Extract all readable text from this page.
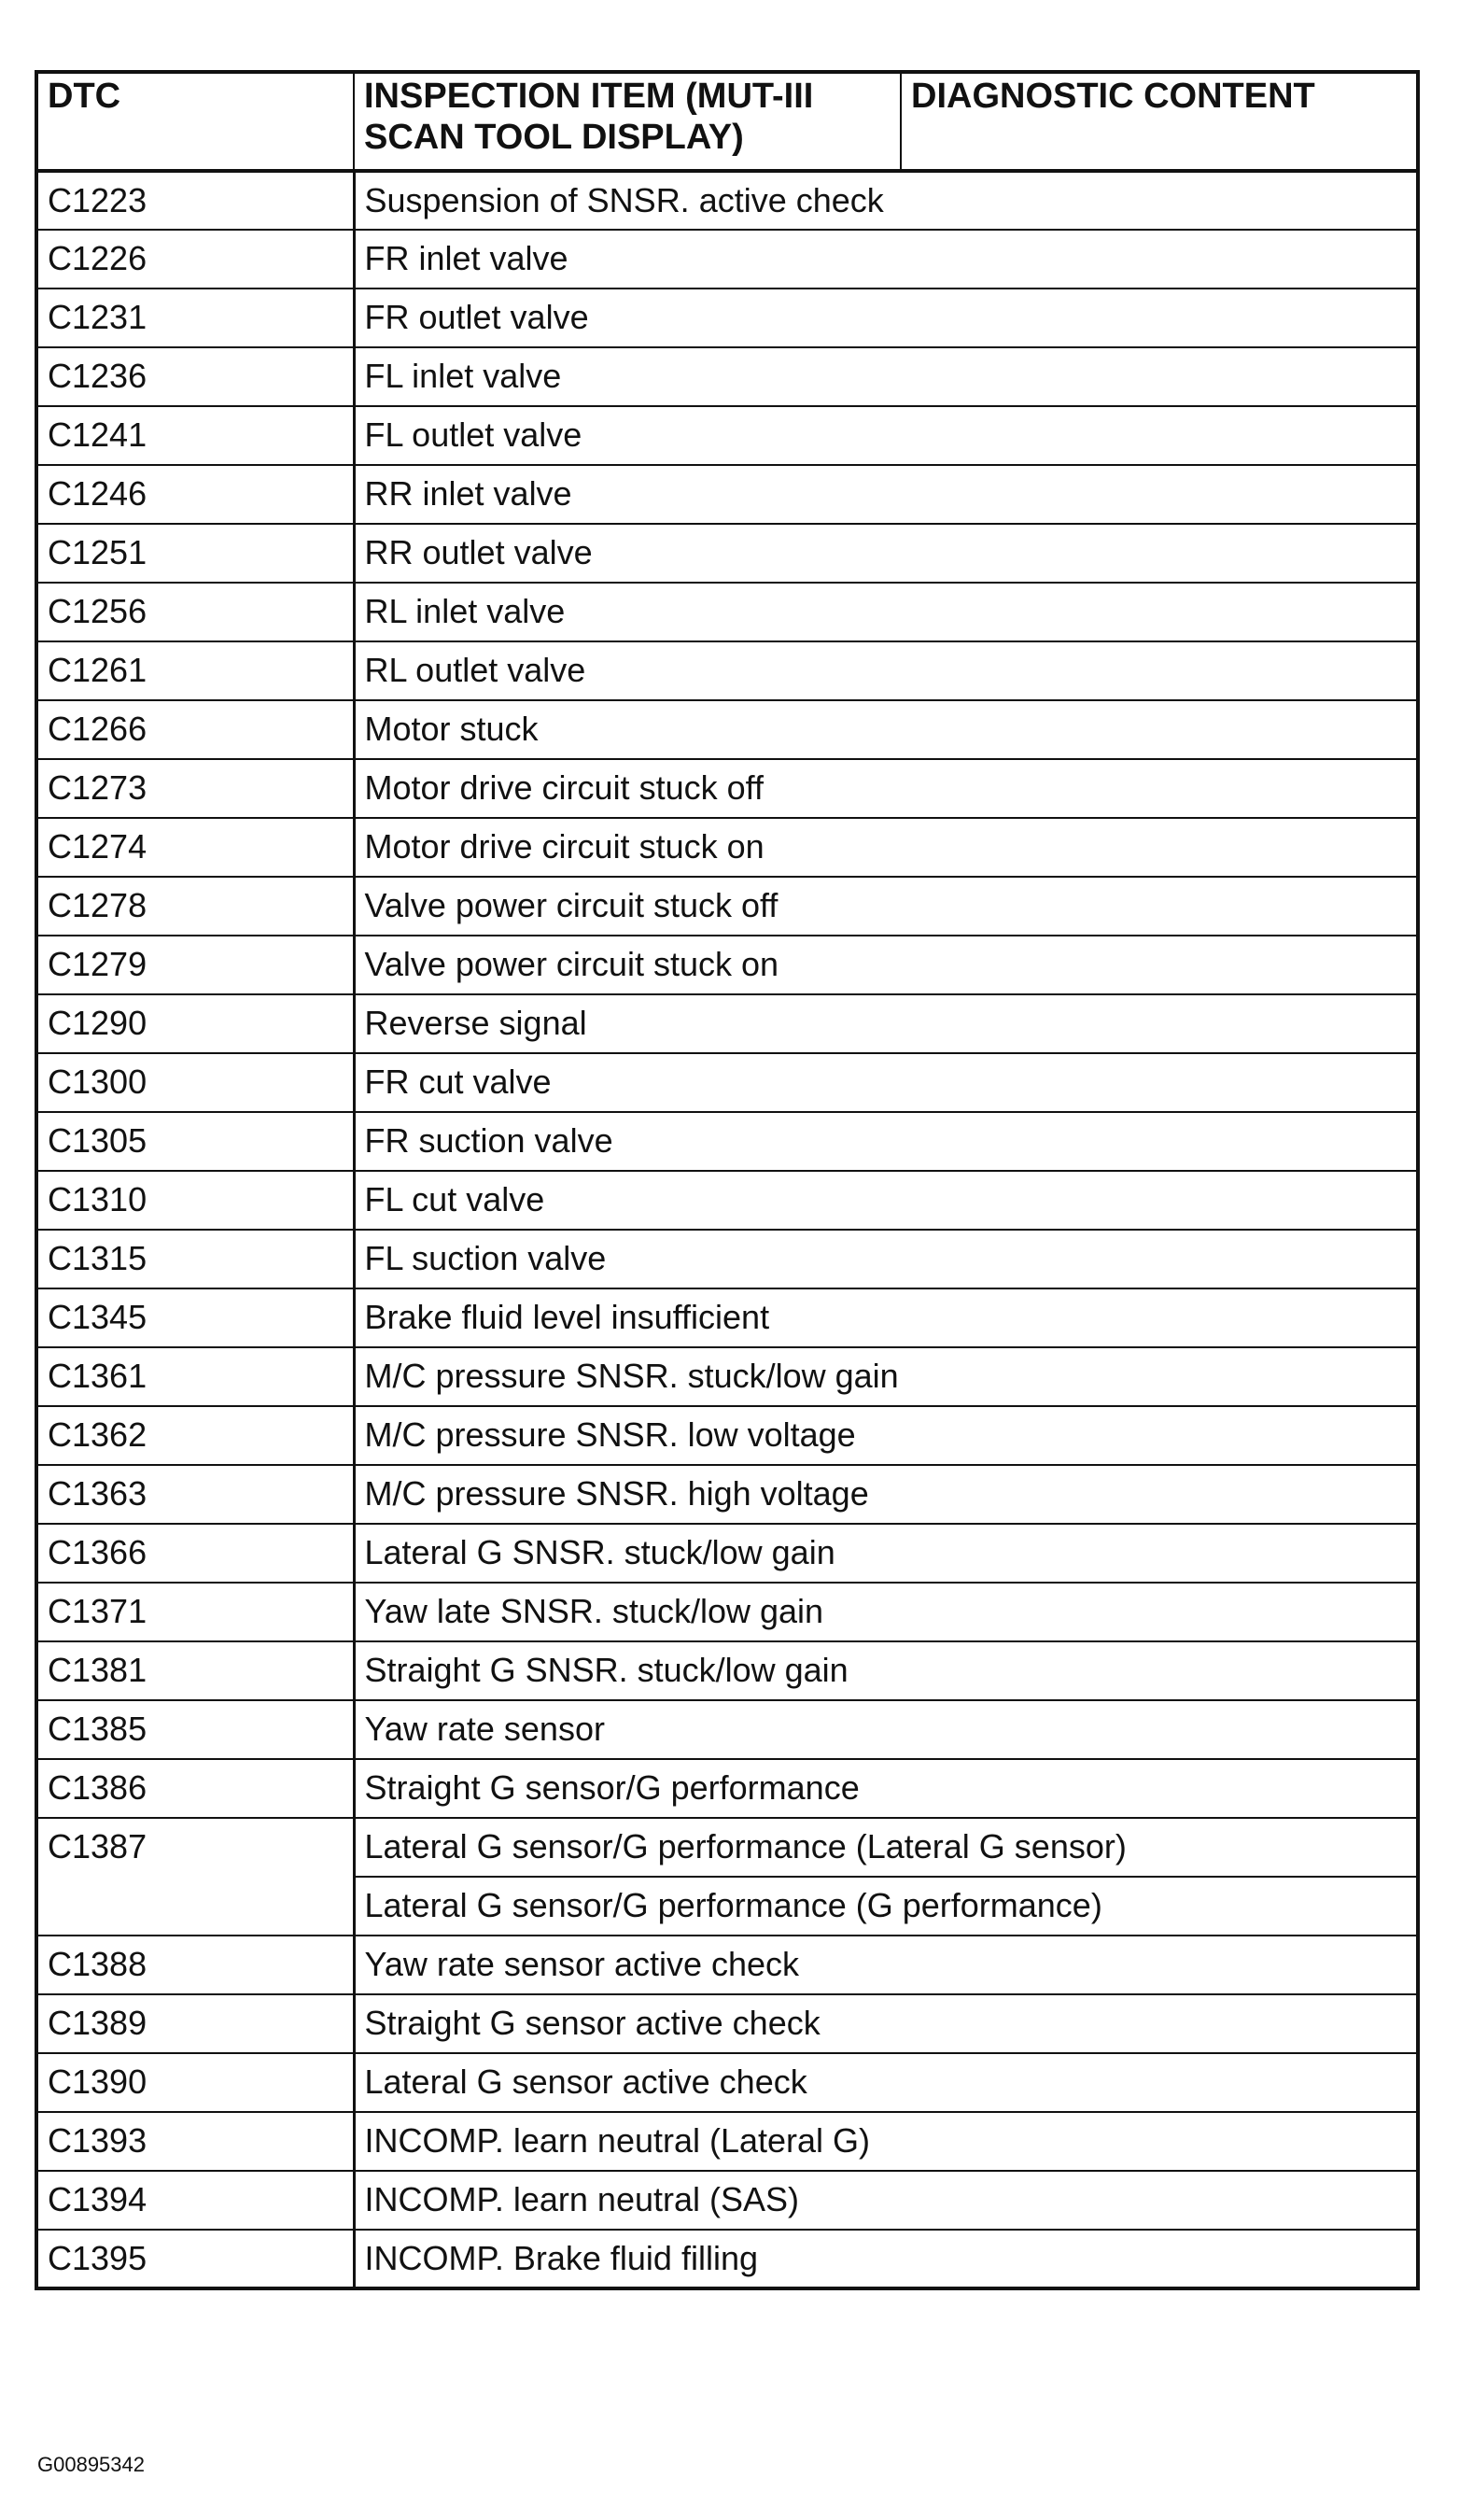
DTC	INSPECTION ITEM (MUT-III SCAN TOOL DISPLAY)	DIAGNOSTIC CONTENT
C1223	Suspension of SNSR. active check	
C1226	FR inlet valve	
C1231	FR outlet valve	
C1236	FL inlet valve	
C1241	FL outlet valve	
C1246	RR inlet valve	
C1251	RR outlet valve	
C1256	RL inlet valve	
C1261	RL outlet valve	
C1266	Motor stuck	
C1273	Motor drive circuit stuck off	
C1274	Motor drive circuit stuck on	
C1278	Valve power circuit stuck off	
C1279	Valve power circuit stuck on	
C1290	Reverse signal	
C1300	FR cut valve	
C1305	FR suction valve	
C1310	FL cut valve	
C1315	FL suction valve	
C1345	Brake fluid level insufficient	
C1361	M/C pressure SNSR. stuck/low gain	
C1362	M/C pressure SNSR. low voltage	
C1363	M/C pressure SNSR. high voltage	
C1366	Lateral G SNSR. stuck/low gain	
C1371	Yaw late SNSR. stuck/low gain	
C1381	Straight G SNSR. stuck/low gain	
C1385	Yaw rate sensor	
C1386	Straight G sensor/G performance	
C1387	Lateral G sensor/G performance (Lateral G sensor)	
	Lateral G sensor/G performance (G performance)	
C1388	Yaw rate sensor active check	
C1389	Straight G sensor active check	
C1390	Lateral G sensor active check	
C1393	INCOMP. learn neutral (Lateral G)	
C1394	INCOMP. learn neutral (SAS)	
C1395	INCOMP. Brake fluid filling	
G00895342
